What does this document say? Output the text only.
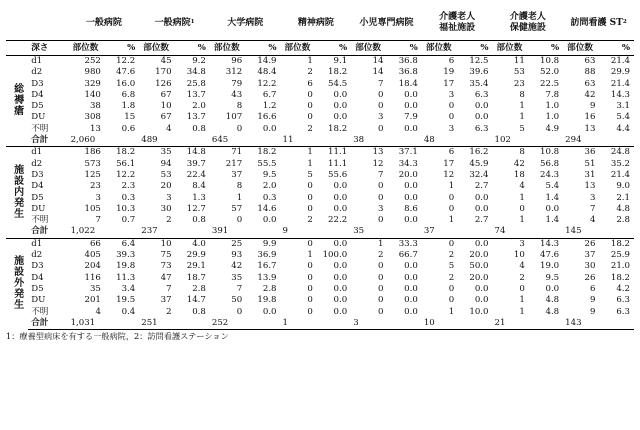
		一般病院		一般病院$^1$		大学病院		精神病院		小児専門病院		介護老人
福祉施設		介護老人
保健施設		訪問看護 $ST^2$
	深さ	部位数	%	部位数	%	部位数	%	部位数	%	部位数	%	部位数	%	部位数	%	部位数	%
総褥瘡	d1	252	12.2	45	9.2	96	14.9	1	9.1	14	36.8	6	12.5	11	10.8	63	21.4
	d2	980	47.6	170	34.8	312	48.4	2	18.2	14	36.8	19	39.6	53	52.0	88	29.9
	D3	329	16.0	126	25.8	79	12.2	6	54.5	7	18.4	17	35.4	23	22.5	63	21.4
	D4	140	6.8	67	13.7	43	6.7	0	0.0	0	0.0	3	6.3	8	7.8	42	14.3
	D5	38	1.8	10	2.0	8	1.2	0	0.0	0	0.0	0	0.0	1	1.0	9	3.1
	DU	308	15	67	13.7	107	16.6	0	0.0	3	7.9	0	0.0	1	1.0	16	5.4
	不明	13	0.6	4	0.8	0	0.0	2	18.2	0	0.0	3	6.3	5	4.9	13	4.4
	合計	2,060		489		645		11		38		48		102		294	
施設内発生	d1	186	18.2	35	14.8	71	18.2	1	11.1	13	37.1	6	16.2	8	10.8	36	24.8
	d2	573	56.1	94	39.7	217	55.5	1	11.1	12	34.3	17	45.9	42	56.8	51	35.2
	D3	125	12.2	53	22.4	37	9.5	5	55.6	7	20.0	12	32.4	18	24.3	31	21.4
	D4	23	2.3	20	8.4	8	2.0	0	0.0	0	0.0	1	2.7	4	5.4	13	9.0
	D5	3	0.3	3	1.3	1	0.3	0	0.0	0	0.0	0	0.0	1	1.4	3	2.1
	DU	105	10.3	30	12.7	57	14.6	0	0.0	3	8.6	0	0.0	0	0.0	7	4.8
	不明	7	0.7	2	0.8	0	0.0	2	22.2	0	0.0	1	2.7	1	1.4	4	2.8
	合計	1,022		237		391		9		35		37		74		145	
施設外発生	d1	66	6.4	10	4.0	25	9.9	0	0.0	1	33.3	0	0.0	3	14.3	26	18.2
	d2	405	39.3	75	29.9	93	36.9	1	100.0	2	66.7	2	20.0	10	47.6	37	25.9
	D3	204	19.8	73	29.1	42	16.7	0	0.0	0	0.0	5	50.0	4	19.0	30	21.0
	D4	116	11.3	47	18.7	35	13.9	0	0.0	0	0.0	2	20.0	2	9.5	26	18.2
	D5	35	3.4	7	2.8	7	2.8	0	0.0	0	0.0	0	0.0	0	0.0	6	4.2
	DU	201	19.5	37	14.7	50	19.8	0	0.0	0	0.0	0	0.0	1	4.8	9	6.3
	不明	4	0.4	2	0.8	0	0.0	0	0.0	0	0.0	1	10.0	1	4.8	9	6.3
	合計	1,031		251		252		1		3		10		21		143	
1：療養型病床を有する一般病院，2：訪問看護ステーション
